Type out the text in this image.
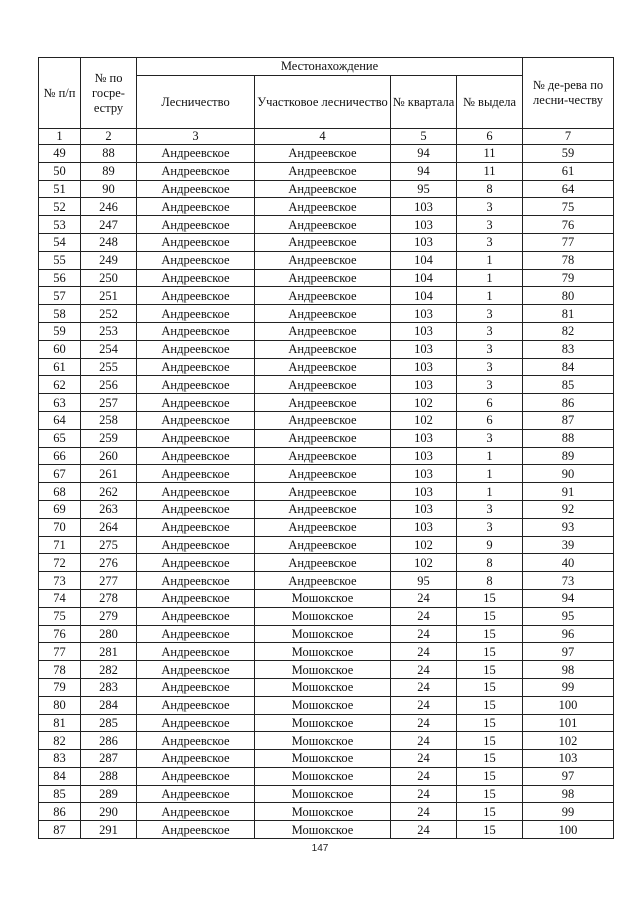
№ п/п	№ по госре-естру	Местонахождение				№ де-рева по лесни-честву
		Лесничество	Участковое лесничество	№ квартала	№ выдела	
1	2	3	4	5	6	7
49	88	Андреевское	Андреевское	94	11	59
50	89	Андреевское	Андреевское	94	11	61
51	90	Андреевское	Андреевское	95	8	64
52	246	Андреевское	Андреевское	103	3	75
53	247	Андреевское	Андреевское	103	3	76
54	248	Андреевское	Андреевское	103	3	77
55	249	Андреевское	Андреевское	104	1	78
56	250	Андреевское	Андреевское	104	1	79
57	251	Андреевское	Андреевское	104	1	80
58	252	Андреевское	Андреевское	103	3	81
59	253	Андреевское	Андреевское	103	3	82
60	254	Андреевское	Андреевское	103	3	83
61	255	Андреевское	Андреевское	103	3	84
62	256	Андреевское	Андреевское	103	3	85
63	257	Андреевское	Андреевское	102	6	86
64	258	Андреевское	Андреевское	102	6	87
65	259	Андреевское	Андреевское	103	3	88
66	260	Андреевское	Андреевское	103	1	89
67	261	Андреевское	Андреевское	103	1	90
68	262	Андреевское	Андреевское	103	1	91
69	263	Андреевское	Андреевское	103	3	92
70	264	Андреевское	Андреевское	103	3	93
71	275	Андреевское	Андреевское	102	9	39
72	276	Андреевское	Андреевское	102	8	40
73	277	Андреевское	Андреевское	95	8	73
74	278	Андреевское	Мошокское	24	15	94
75	279	Андреевское	Мошокское	24	15	95
76	280	Андреевское	Мошокское	24	15	96
77	281	Андреевское	Мошокское	24	15	97
78	282	Андреевское	Мошокское	24	15	98
79	283	Андреевское	Мошокское	24	15	99
80	284	Андреевское	Мошокское	24	15	100
81	285	Андреевское	Мошокское	24	15	101
82	286	Андреевское	Мошокское	24	15	102
83	287	Андреевское	Мошокское	24	15	103
84	288	Андреевское	Мошокское	24	15	97
85	289	Андреевское	Мошокское	24	15	98
86	290	Андреевское	Мошокское	24	15	99
87	291	Андреевское	Мошокское	24	15	100
147
